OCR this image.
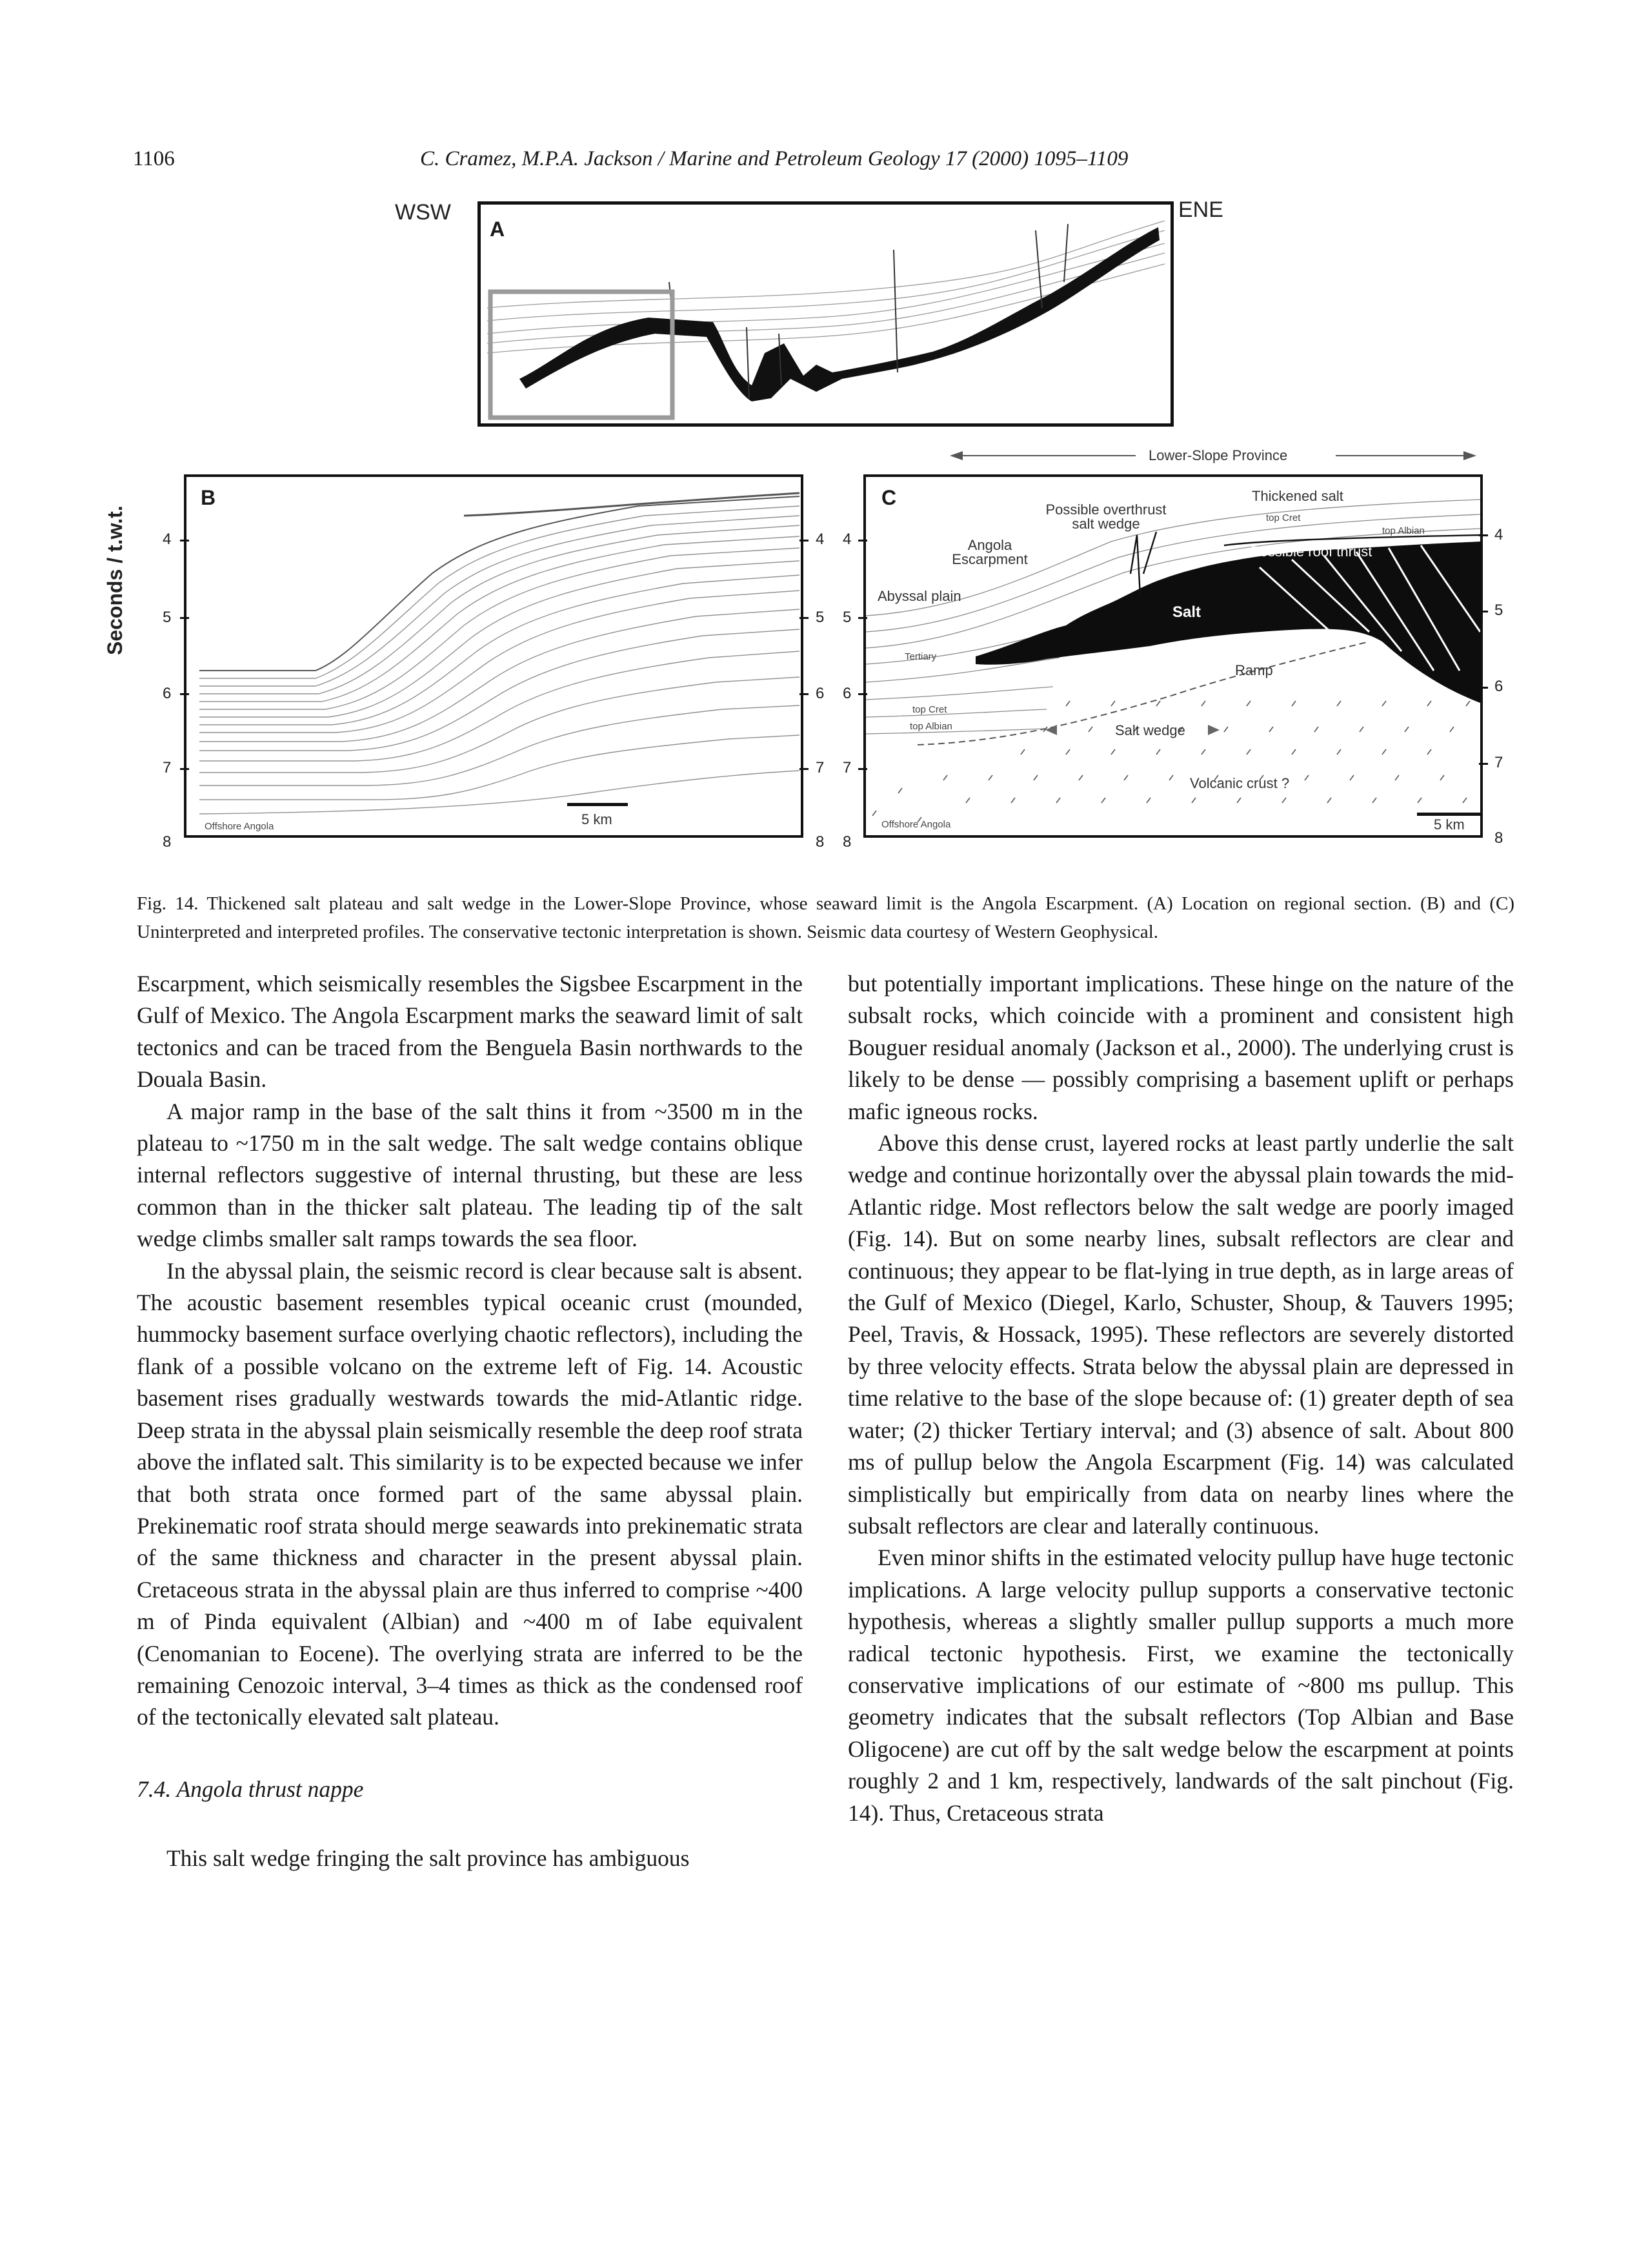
1106	C. Cramez, M.P.A. Jackson / Marine and Petroleum Geology 17 (2000) 1095–1109
WSW	ENE
A
Lower-Slope Province
Seconds / t.w.t. 4
5
6
7
8
4
5
6
7
8
4
5
6
7
8
4
5
6
7
8
B
Offshore Angola	5 km
C	Thickened salt
top Cret
top Albian
Possible roof thrust
Possible overthrust salt wedge
Angola Escarpment
Abyssal plain
Salt
Tertiary
Ramp
top Cret
top Albian	Salt wedge
Volcanic crust ?
Offshore Angola	5 km

Fig. 14. Thickened salt plateau and salt wedge in the Lower-Slope Province, whose seaward limit is the Angola Escarpment. (A) Location on regional section. (B) and (C) Uninterpreted and interpreted profiles. The conservative tectonic interpretation is shown. Seismic data courtesy of Western Geophysical.

Escarpment, which seismically resembles the Sigsbee Escarpment in the Gulf of Mexico. The Angola Escarpment marks the seaward limit of salt tectonics and can be traced from the Benguela Basin northwards to the Douala Basin.

A major ramp in the base of the salt thins it from ~3500 m in the plateau to ~1750 m in the salt wedge. The salt wedge contains oblique internal reflectors suggestive of internal thrusting, but these are less common than in the thicker salt plateau. The leading tip of the salt wedge climbs smaller salt ramps towards the sea floor.

In the abyssal plain, the seismic record is clear because salt is absent. The acoustic basement resembles typical oceanic crust (mounded, hummocky basement surface overlying chaotic reflectors), including the flank of a possible volcano on the extreme left of Fig. 14. Acoustic basement rises gradually westwards towards the mid-Atlantic ridge. Deep strata in the abyssal plain seismically resemble the deep roof strata above the inflated salt. This similarity is to be expected because we infer that both strata once formed part of the same abyssal plain. Prekinematic roof strata should merge seawards into prekinematic strata of the same thickness and character in the present abyssal plain. Cretaceous strata in the abyssal plain are thus inferred to comprise ~400 m of Pinda equivalent (Albian) and ~400 m of Iabe equivalent (Cenomanian to Eocene). The overlying strata are inferred to be the remaining Cenozoic interval, 3–4 times as thick as the condensed roof of the tectonically elevated salt plateau.

7.4. Angola thrust nappe

This salt wedge fringing the salt province has ambiguous

but potentially important implications. These hinge on the nature of the subsalt rocks, which coincide with a prominent and consistent high Bouguer residual anomaly (Jackson et al., 2000). The underlying crust is likely to be dense — possibly comprising a basement uplift or perhaps mafic igneous rocks.

Above this dense crust, layered rocks at least partly underlie the salt wedge and continue horizontally over the abyssal plain towards the mid-Atlantic ridge. Most reflectors below the salt wedge are poorly imaged (Fig. 14). But on some nearby lines, subsalt reflectors are clear and continuous; they appear to be flat-lying in true depth, as in large areas of the Gulf of Mexico (Diegel, Karlo, Schuster, Shoup, & Tauvers 1995; Peel, Travis, & Hossack, 1995). These reflectors are severely distorted by three velocity effects. Strata below the abyssal plain are depressed in time relative to the base of the slope because of: (1) greater depth of sea water; (2) thicker Tertiary interval; and (3) absence of salt. About 800 ms of pullup below the Angola Escarpment (Fig. 14) was calculated simplistically but empirically from data on nearby lines where the subsalt reflectors are clear and laterally continuous.

Even minor shifts in the estimated velocity pullup have huge tectonic implications. A large velocity pullup supports a conservative tectonic hypothesis, whereas a slightly smaller pullup supports a much more radical tectonic hypothesis. First, we examine the tectonically conservative implications of our estimate of ~800 ms pullup. This geometry indicates that the subsalt reflectors (Top Albian and Base Oligocene) are cut off by the salt wedge below the escarpment at points roughly 2 and 1 km, respectively, landwards of the salt pinchout (Fig. 14). Thus, Cretaceous strata
